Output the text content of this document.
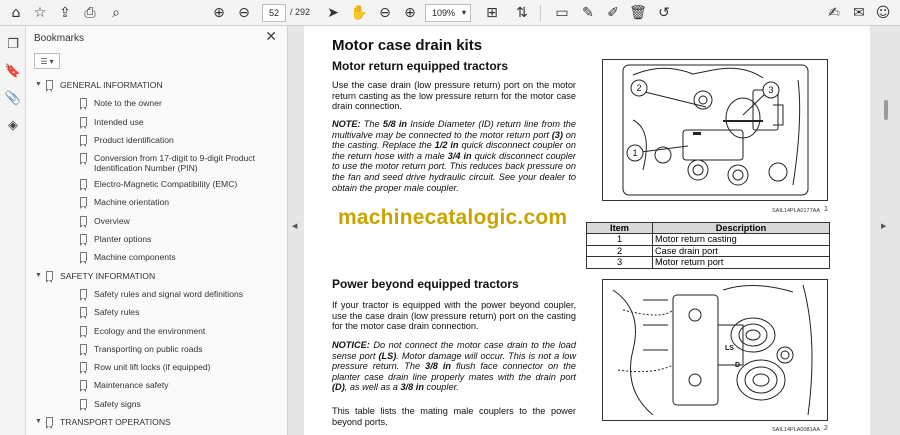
⌂ ☆ ⇪ ⎙	⌕	⊕ ⊖	52	/ 292 ➤ ✋ ⊖ ⊕	109% ▾ ⊞ ⇅ ▭ ✎ ✐ 🗑 ↺	✍ ✉ ☺
❐
🔖
📎
◈
Bookmarks	✕
☰ ▾
▼ GENERAL INFORMATION
Note to the owner
Intended use
Product identification
Conversion from 17-digit to 9-digit Product Identification Number (PIN)
Electro-Magnetic Compatibility (EMC)
Machine orientation
Overview
Planter options
Machine components
▼ SAFETY INFORMATION
Safety rules and signal word definitions
Safety rules
Ecology and the environment
Transporting on public roads
Row unit lift locks (if equipped)
Maintenance safety
Safety signs
▼ TRANSPORT OPERATIONS
◀	▶
Motor case drain kits
Motor return equipped tractors
Use the case drain (low pressure return) port on the motor return casting as the low pressure return for the motor case drain connection.
NOTE: The 5/8 in Inside Diameter (ID) return line from the multivalve may be connected to the motor return port (3) on the casting. Replace the 1/2 in quick disconnect coupler on the return hose with a male 3/4 in quick disconnect coupler to use the motor return port. This reduces back pressure on the fan and seed drive hydraulic circuit. See your dealer to obtain the proper male coupler.
machinecatalogic.com
2	3
1
SAIL14PLA0177AA 1
Item	Description
1	Motor return casting
2	Case drain port
3	Motor return port
Power beyond equipped tractors
If your tractor is equipped with the power beyond coupler, use the case drain (low pressure return) port on the casting for the motor case drain connection.
NOTICE: Do not connect the motor case drain to the load sense port (LS). Motor damage will occur. This is not a low pressure return. The 3/8 in flush face connector on the planter case drain line properly mates with the drain port (D), as well as a 3/8 in coupler.
This table lists the mating male couplers to the power beyond ports.
LS
D
SAIL14PLA0081AA 2
